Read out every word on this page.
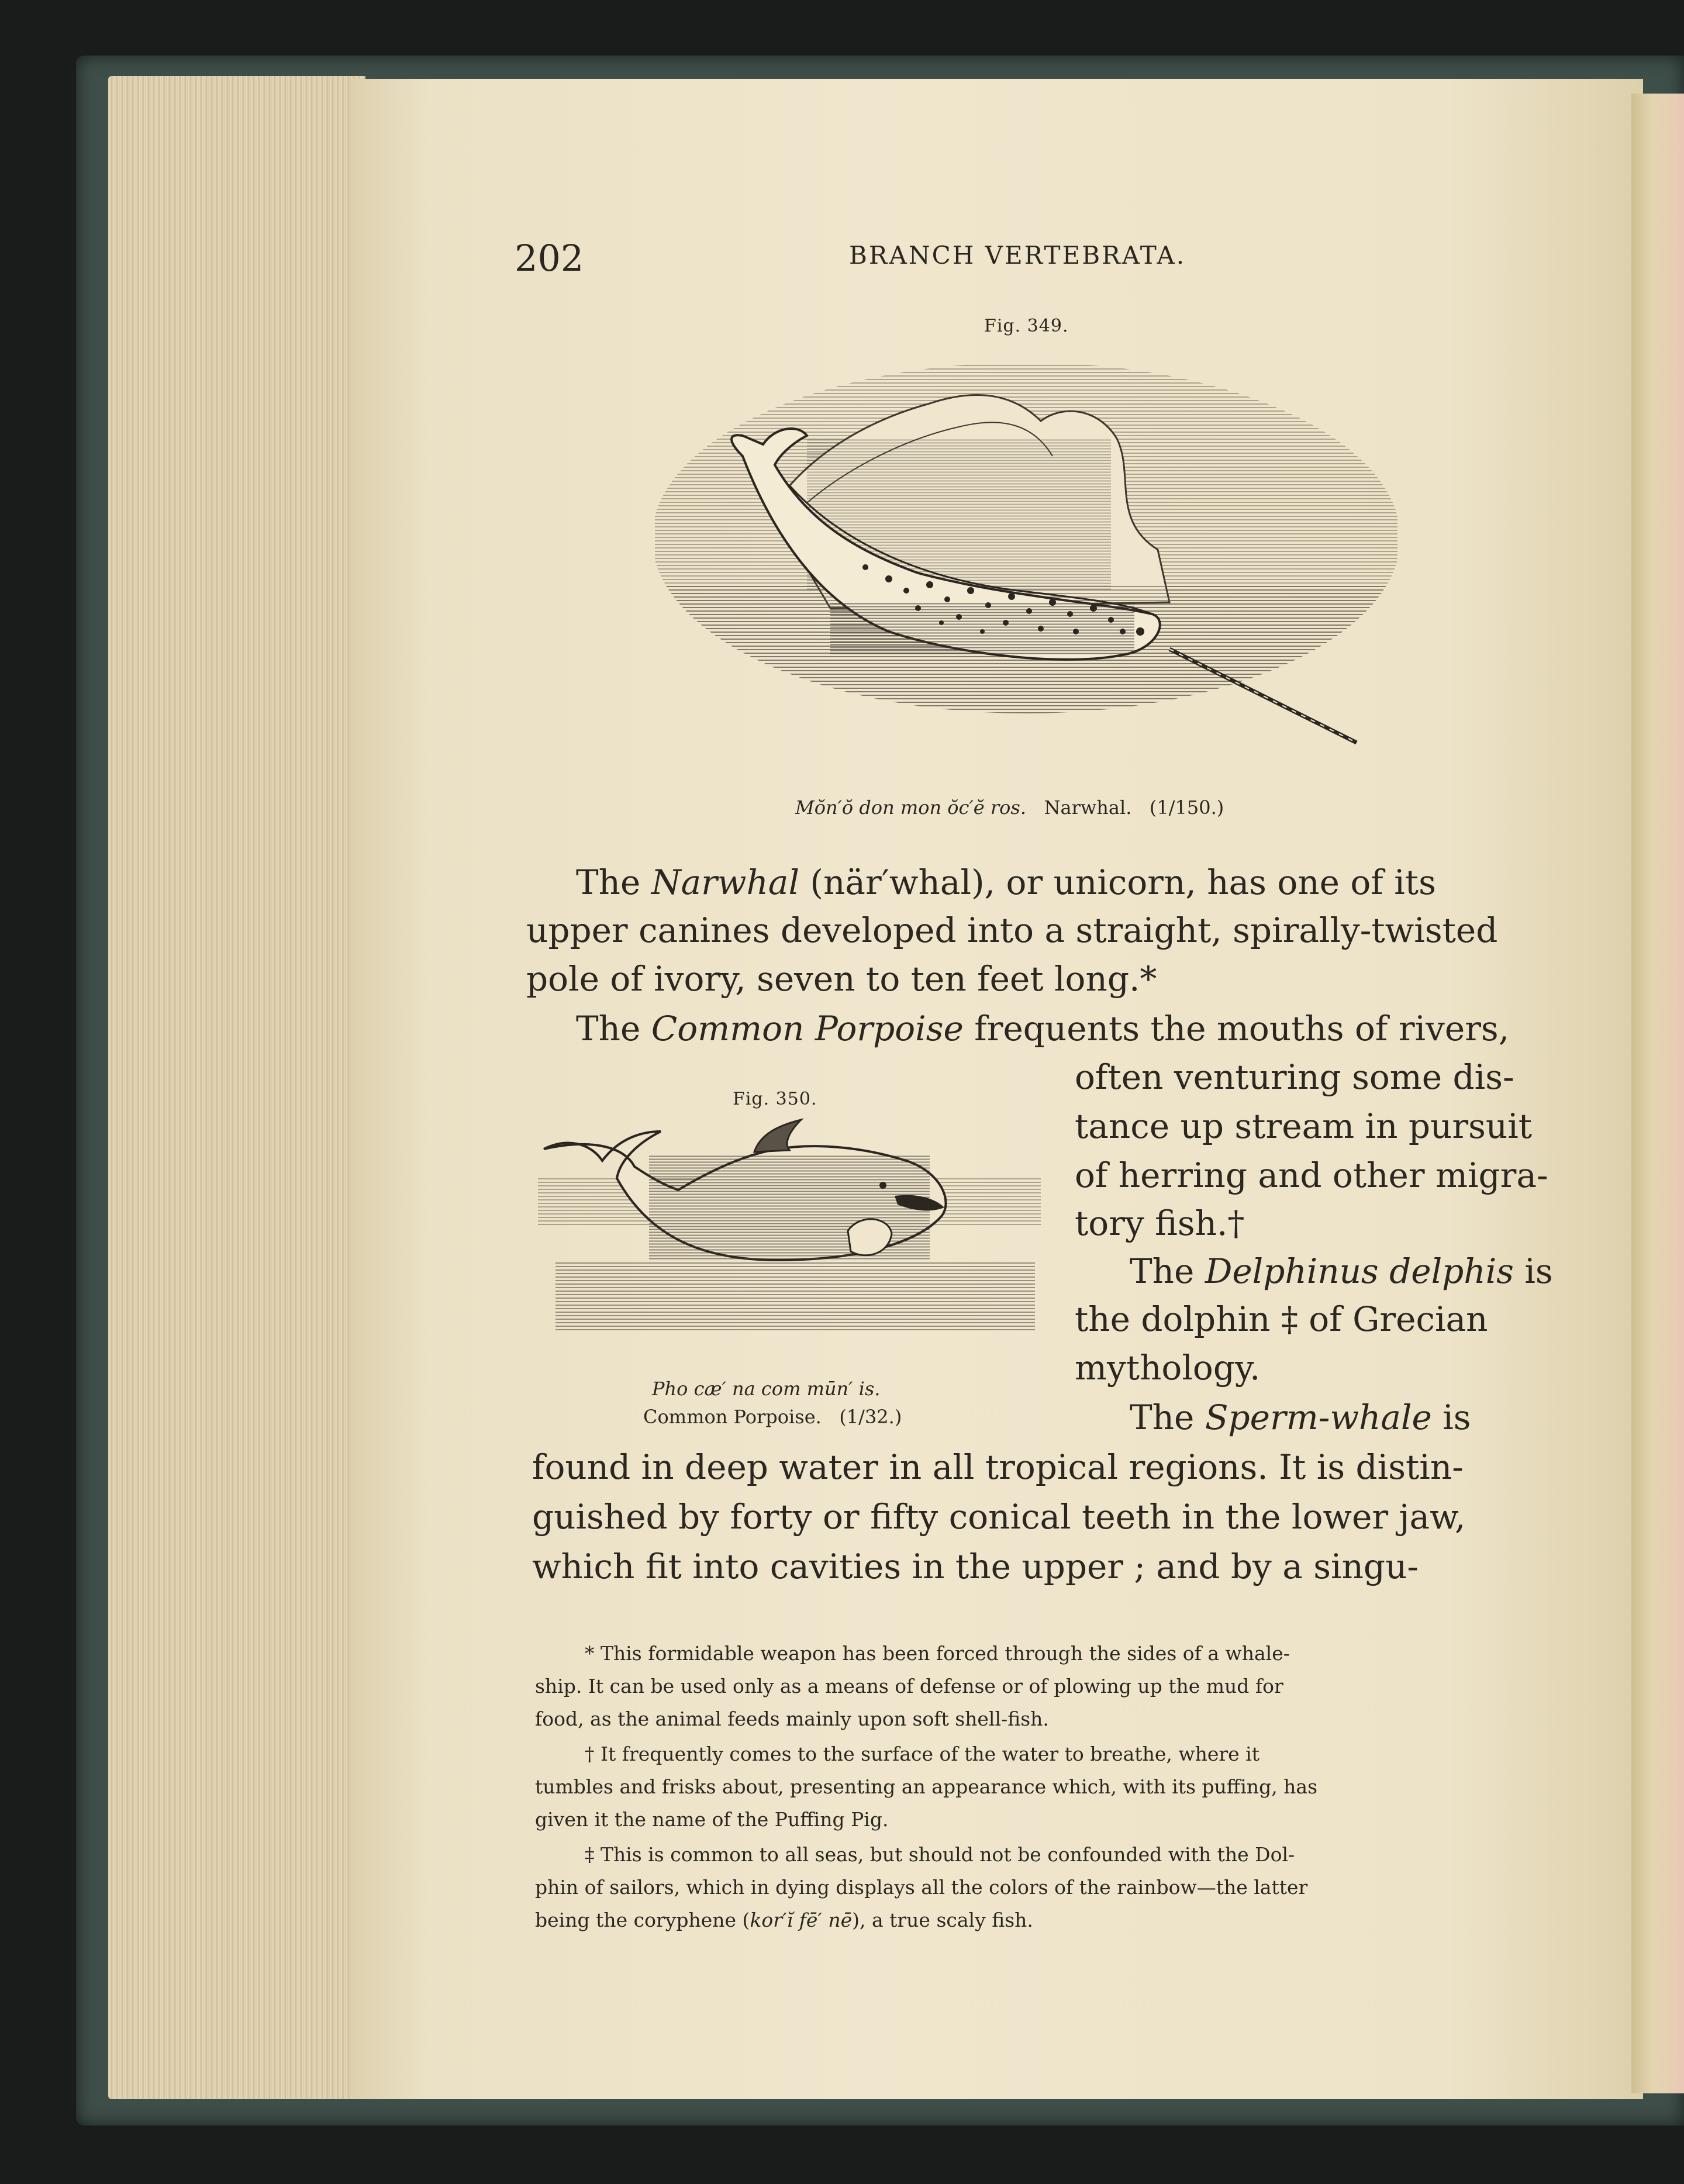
202	BRANCH VERTEBRATA.
Fig. 349.
Mŏn′ŏ don mon ŏc′ĕ ros. Narwhal. (1/150.)
The Narwhal (när′whal), or unicorn, has one of its
upper canines developed into a straight, spirally-twisted
pole of ivory, seven to ten feet long.*
The Common Porpoise frequents the mouths of rivers,
often venturing some dis-
tance up stream in pursuit
of herring and other migra-
tory fish.†
The Delphinus delphis is
the dolphin ‡ of Grecian
mythology.
The Sperm-whale is
found in deep water in all tropical regions. It is distin-
guished by forty or fifty conical teeth in the lower jaw,
which fit into cavities in the upper ; and by a singu-
Fig. 350.
Pho cæ′ na com mūn′ is.
Common Porpoise. (1/32.)
* This formidable weapon has been forced through the sides of a whale-
ship. It can be used only as a means of defense or of plowing up the mud for
food, as the animal feeds mainly upon soft shell-fish.
† It frequently comes to the surface of the water to breathe, where it
tumbles and frisks about, presenting an appearance which, with its puffing, has
given it the name of the Puffing Pig.
‡ This is common to all seas, but should not be confounded with the Dol-
phin of sailors, which in dying displays all the colors of the rainbow—the latter
being the coryphene (kor′ĭ fē′ nē), a true scaly fish.
